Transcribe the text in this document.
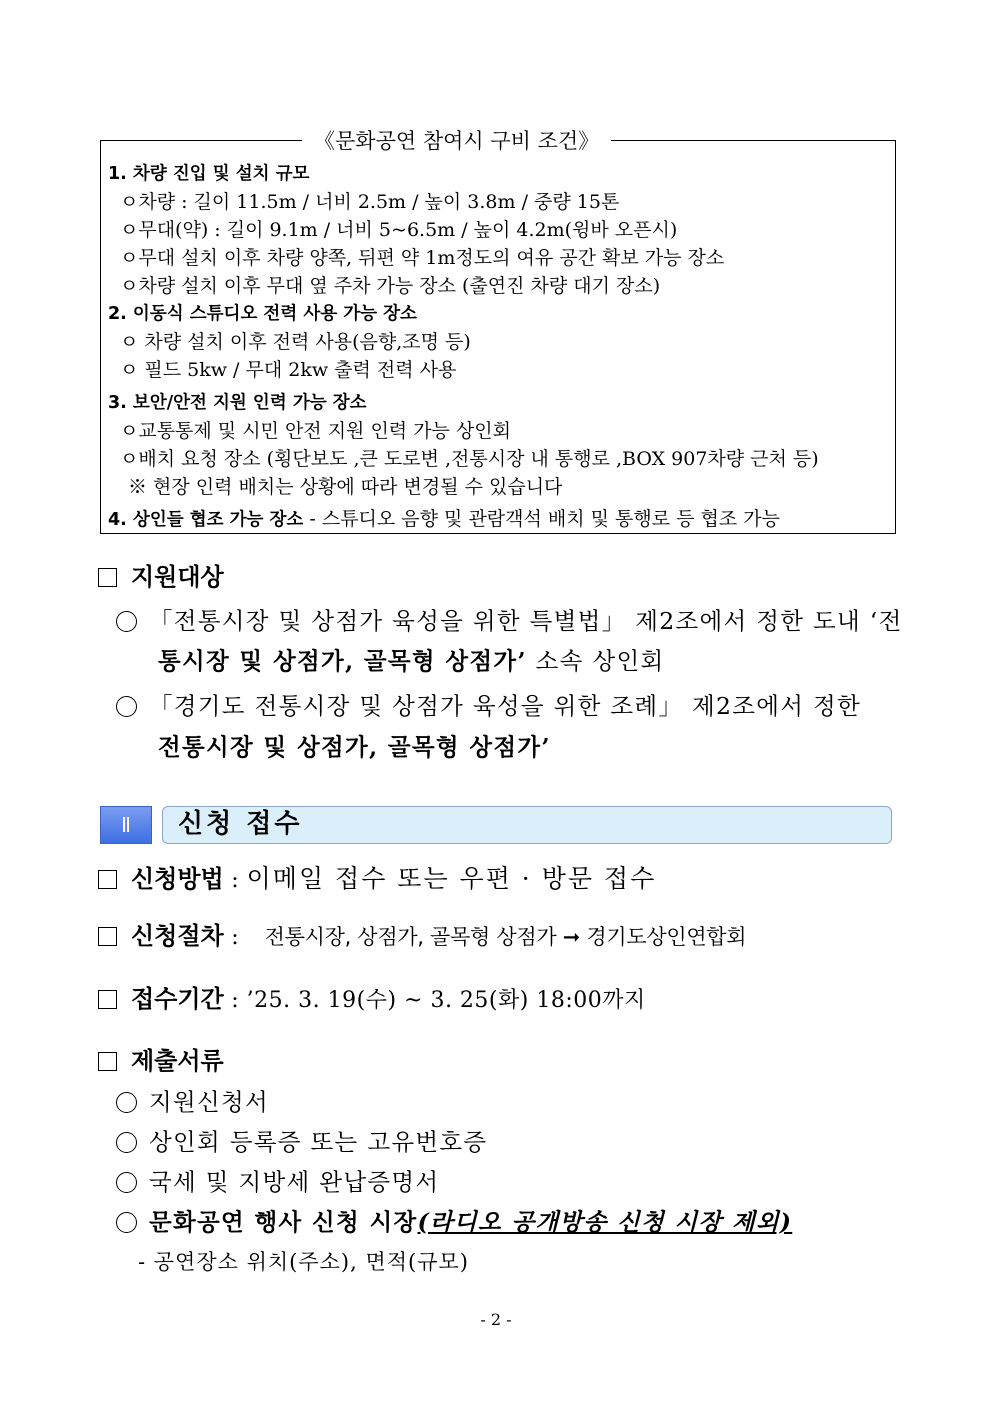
《문화공연 참여시 구비 조건》
1. 차량 진입 및 설치 규모
ㅇ차량 : 길이 11.5m / 너비 2.5m / 높이 3.8m / 중량 15톤
ㅇ무대(약) : 길이 9.1m / 너비 5~6.5m / 높이 4.2m(윙바 오픈시)
ㅇ무대 설치 이후 차량 양쪽, 뒤편 약 1m정도의 여유 공간 확보 가능 장소
ㅇ차량 설치 이후 무대 옆 주차 가능 장소 (출연진 차량 대기 장소)
2. 이동식 스튜디오 전력 사용 가능 장소
ㅇ 차량 설치 이후 전력 사용(음향,조명 등)
ㅇ 필드 5kw / 무대 2kw 출력 전력 사용
3. 보안/안전 지원 인력 가능 장소
ㅇ교통통제 및 시민 안전 지원 인력 가능 상인회
ㅇ배치 요청 장소 (횡단보도 ,큰 도로변 ,전통시장 내 통행로 ,BOX 907차량 근처 등)
※ 현장 인력 배치는 상황에 따라 변경될 수 있습니다
4. 상인들 협조 가능 장소 - 스튜디오 음향 및 관람객석 배치 및 통행로 등 협조 가능
지원대상
「전통시장 및 상점가 육성을 위한 특별법」 제2조에서 정한 도내 ‘전
통시장 및 상점가, 골목형 상점가’ 소속 상인회
「경기도 전통시장 및 상점가 육성을 위한 조례」 제2조에서 정한
전통시장 및 상점가, 골목형 상점가’
Ⅱ	신청 접수
신청방법 : 이메일 접수 또는 우편 · 방문 접수
신청절차 : 전통시장, 상점가, 골목형 상점가 ➞ 경기도상인연합회
접수기간 : ’25. 3. 19(수) ~ 3. 25(화) 18:00까지
제출서류
지원신청서
상인회 등록증 또는 고유번호증
국세 및 지방세 완납증명서
문화공연 행사 신청 시장(라디오 공개방송 신청 시장 제외)
- 공연장소 위치(주소), 면적(규모)
- 2 -
